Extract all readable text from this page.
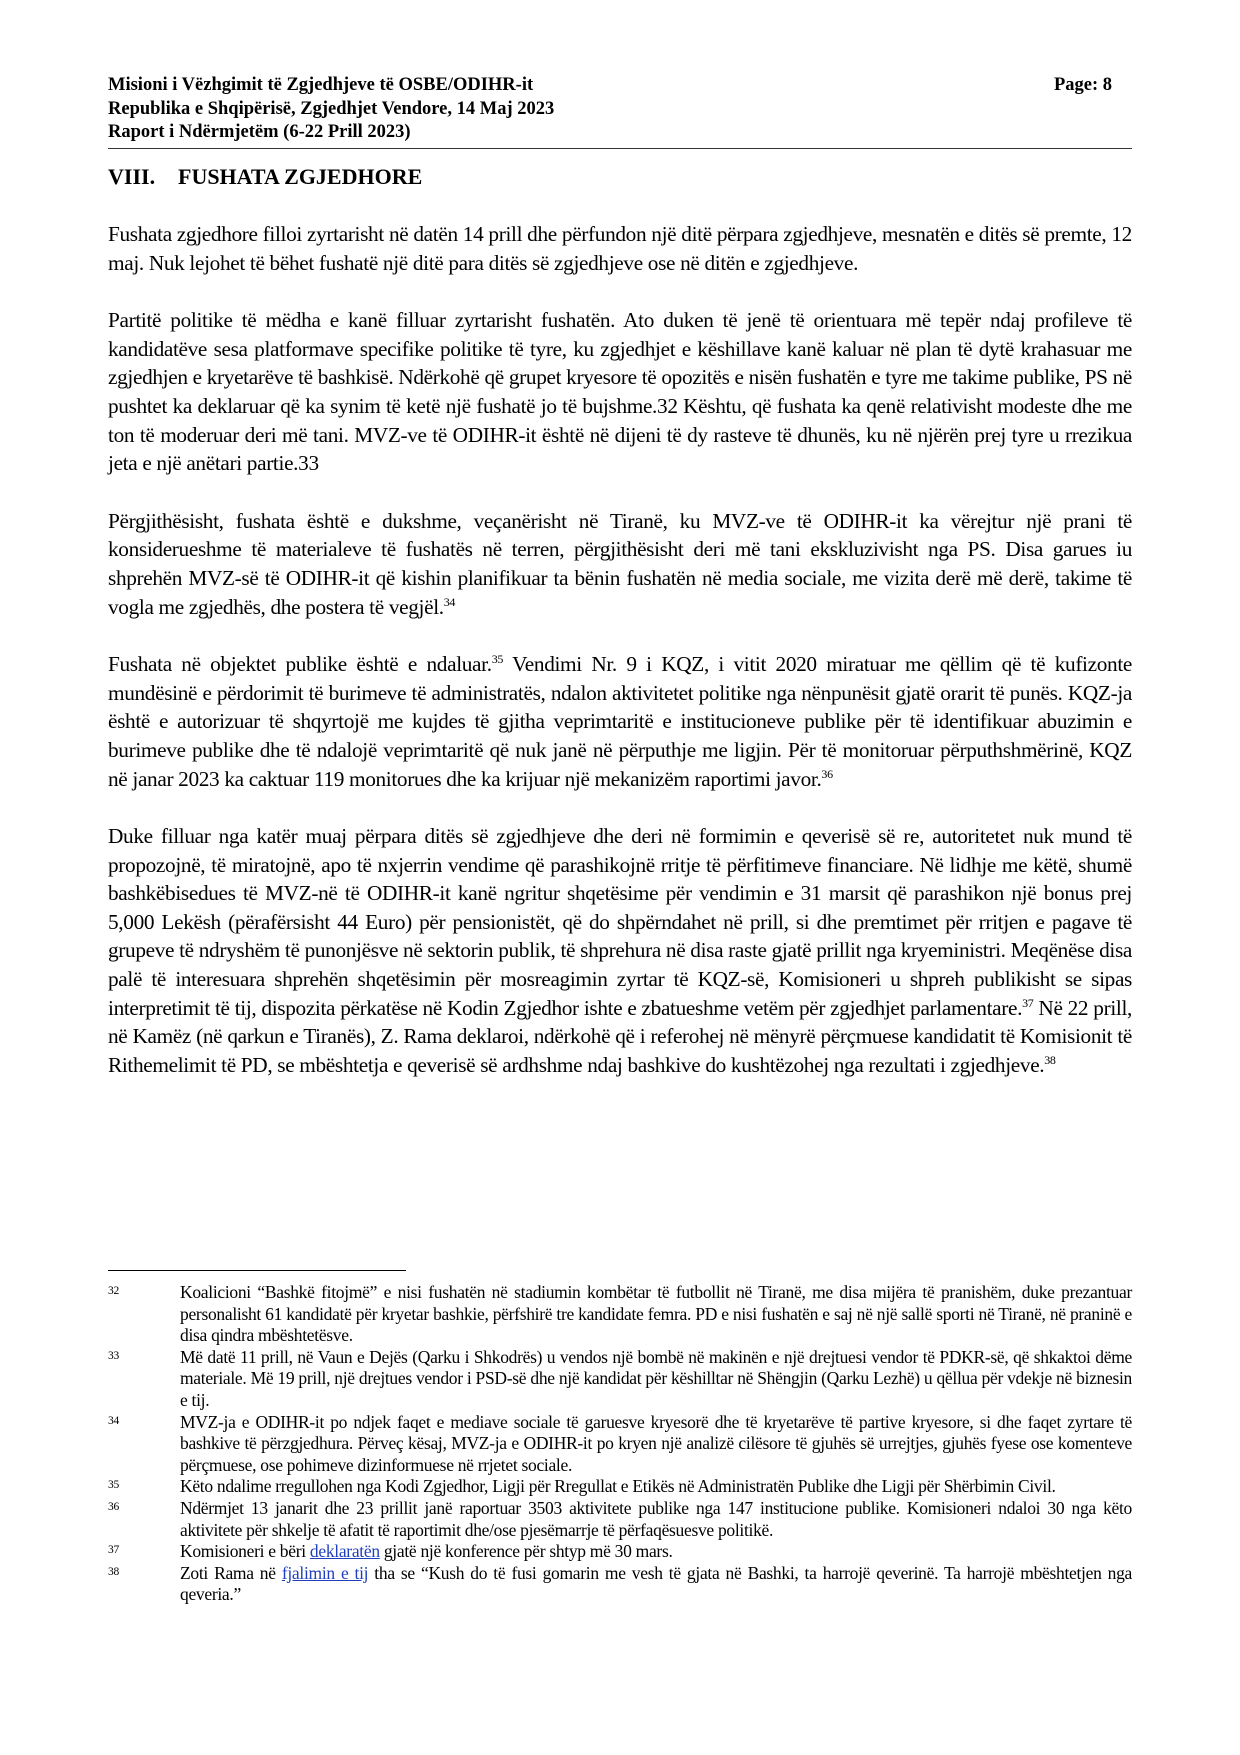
Misioni i Vëzhgimit të Zgjedhjeve të OSBE/ODIHR-it
Republika e Shqipërisë, Zgjedhjet Vendore, 14 Maj 2023
Raport i Ndërmjetëm (6-22 Prill 2023)
Page: 8
VIII. FUSHATA ZGJEDHORE

Fushata zgjedhore filloi zyrtarisht në datën 14 prill dhe përfundon një ditë përpara zgjedhjeve, mesnatën e ditës së premte, 12 maj. Nuk lejohet të bëhet fushatë një ditë para ditës së zgjedhjeve ose në ditën e zgjedhjeve.

Partitë politike të mëdha e kanë filluar zyrtarisht fushatën. Ato duken të jenë të orientuara më tepër ndaj profileve të kandidatëve sesa platformave specifike politike të tyre, ku zgjedhjet e këshillave kanë kaluar në plan të dytë krahasuar me zgjedhjen e kryetarëve të bashkisë. Ndërkohë që grupet kryesore të opozitës e nisën fushatën e tyre me takime publike, PS në pushtet ka deklaruar që ka synim të ketë një fushatë jo të bujshme.32 Kështu, që fushata ka qenë relativisht modeste dhe me ton të moderuar deri më tani. MVZ-ve të ODIHR-it është në dijeni të dy rasteve të dhunës, ku në njërën prej tyre u rrezikua jeta e një anëtari partie.33

Përgjithësisht, fushata është e dukshme, veçanërisht në Tiranë, ku MVZ-ve të ODIHR-it ka vërejtur një prani të konsiderueshme të materialeve të fushatës në terren, përgjithësisht deri më tani ekskluzivisht nga PS. Disa garues iu shprehën MVZ-së të ODIHR-it që kishin planifikuar ta bënin fushatën në media sociale, me vizita derë më derë, takime të vogla me zgjedhës, dhe postera të vegjël.$^{34}$

Fushata në objektet publike është e ndaluar.$^{35}$ Vendimi Nr. 9 i KQZ, i vitit 2020 miratuar me qëllim që të kufizonte mundësinë e përdorimit të burimeve të administratës, ndalon aktivitetet politike nga nënpunësit gjatë orarit të punës. KQZ-ja është e autorizuar të shqyrtojë me kujdes të gjitha veprimtaritë e institucioneve publike për të identifikuar abuzimin e burimeve publike dhe të ndalojë veprimtaritë që nuk janë në përputhje me ligjin. Për të monitoruar përputhshmërinë, KQZ në janar 2023 ka caktuar 119 monitorues dhe ka krijuar një mekanizëm raportimi javor.$^{36}$

Duke filluar nga katër muaj përpara ditës së zgjedhjeve dhe deri në formimin e qeverisë së re, autoritetet nuk mund të propozojnë, të miratojnë, apo të nxjerrin vendime që parashikojnë rritje të përfitimeve financiare. Në lidhje me këtë, shumë bashkëbisedues të MVZ-në të ODIHR-it kanë ngritur shqetësime për vendimin e 31 marsit që parashikon një bonus prej 5,000 Lekësh (përafërsisht 44 Euro) për pensionistët, që do shpërndahet në prill, si dhe premtimet për rritjen e pagave të grupeve të ndryshëm të punonjësve në sektorin publik, të shprehura në disa raste gjatë prillit nga kryeministri. Meqënëse disa palë të interesuara shprehën shqetësimin për mosreagimin zyrtar të KQZ-së, Komisioneri u shpreh publikisht se sipas interpretimit të tij, dispozita përkatëse në Kodin Zgjedhor ishte e zbatueshme vetëm për zgjedhjet parlamentare.$^{37}$ Në 22 prill, në Kamëz (në qarkun e Tiranës), Z. Rama deklaroi, ndërkohë që i referohej në mënyrë përçmuese kandidatit të Komisionit të Rithemelimit të PD, se mbështetja e qeverisë së ardhshme ndaj bashkive do kushtëzohej nga rezultati i zgjedhjeve.$^{38}$

32	Koalicioni “Bashkë fitojmë” e nisi fushatën në stadiumin kombëtar të futbollit në Tiranë, me disa mijëra të pranishëm, duke prezantuar personalisht 61 kandidatë për kryetar bashkie, përfshirë tre kandidate femra. PD e nisi fushatën e saj në një sallë sporti në Tiranë, në praninë e disa qindra mbështetësve.
33	Më datë 11 prill, në Vaun e Dejës (Qarku i Shkodrës) u vendos një bombë në makinën e një drejtuesi vendor të PDKR-së, që shkaktoi dëme materiale. Më 19 prill, një drejtues vendor i PSD-së dhe një kandidat për këshilltar në Shëngjin (Qarku Lezhë) u qëllua për vdekje në biznesin e tij.
34	MVZ-ja e ODIHR-it po ndjek faqet e mediave sociale të garuesve kryesorë dhe të kryetarëve të partive kryesore, si dhe faqet zyrtare të bashkive të përzgjedhura. Përveç kësaj, MVZ-ja e ODIHR-it po kryen një analizë cilësore të gjuhës së urrejtjes, gjuhës fyese ose komenteve përçmuese, ose pohimeve dizinformuese në rrjetet sociale.
35	Këto ndalime rregullohen nga Kodi Zgjedhor, Ligji për Rregullat e Etikës në Administratën Publike dhe Ligji për Shërbimin Civil.
36	Ndërmjet 13 janarit dhe 23 prillit janë raportuar 3503 aktivitete publike nga 147 institucione publike. Komisioneri ndaloi 30 nga këto aktivitete për shkelje të afatit të raportimit dhe/ose pjesëmarrje të përfaqësuesve politikë.
37	Komisioneri e bëri deklaratën gjatë një konference për shtyp më 30 mars.
38	Zoti Rama në fjalimin e tij tha se “Kush do të fusi gomarin me vesh të gjata në Bashki, ta harrojë qeverinë. Ta harrojë mbështetjen nga qeveria.”
